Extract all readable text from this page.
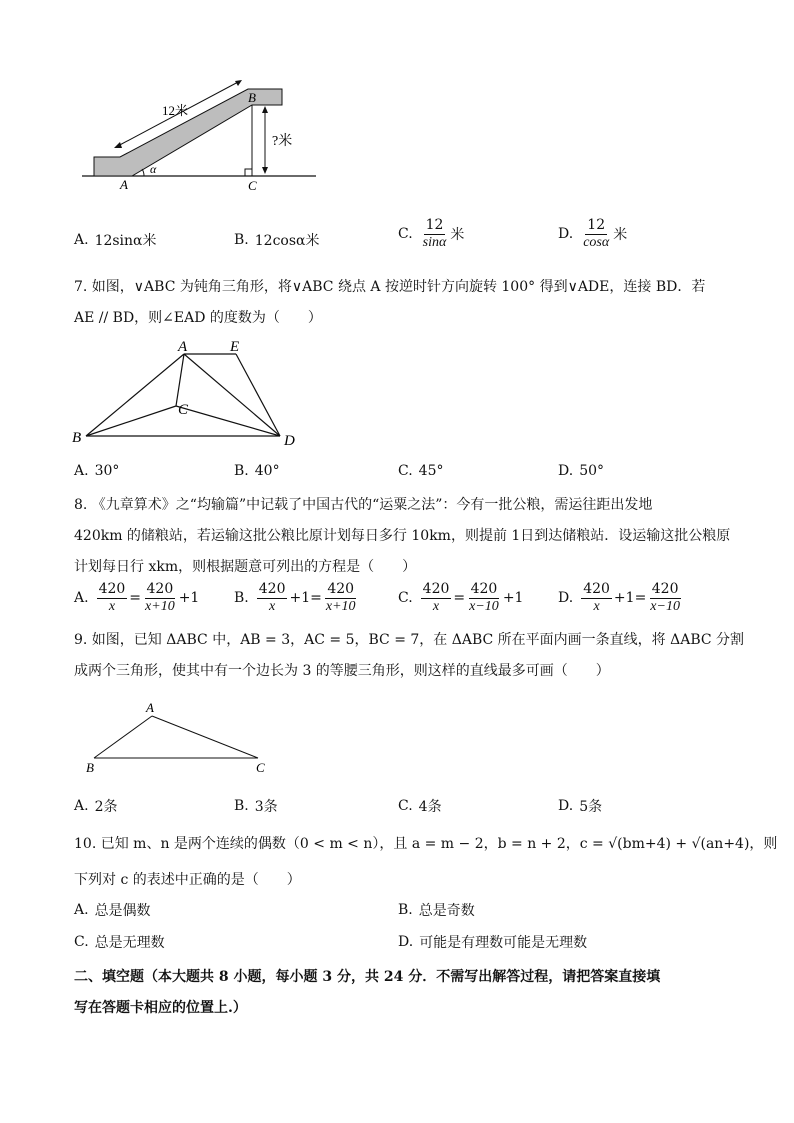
12米
?米
B
A	C
α
A. 12sinα米	B. 12cosα米	C. $\frac{12}{\sin\alpha}$ 米	D. $\frac{12}{\cos\alpha}$ 米
7. 如图，∨ABC 为钝角三角形，将∨ABC 绕点 A 按逆时针方向旋转 100° 得到∨ADE，连接 BD．若
AE // BD，则∠EAD 的度数为（　　）
A	E
C
B	D
A. 30°	B. 40°	C. 45°	D. 50°
8. 《九章算术》之“均输篇”中记载了中国古代的“运粟之法”：今有一批公粮，需运往距出发地
420km 的储粮站，若运输这批公粮比原计划每日多行 10km，则提前 1日到达储粮站．设运输这批公粮原
计划每日行 xkm，则根据题意可列出的方程是（　　）
A. $\frac{420}{x} = \frac{420}{x+10} +1$ B. $\frac{420}{x} +1 = \frac{420}{x+10}$	C. $\frac{420}{x} = \frac{420}{x-10} +1$ D. $\frac{420}{x} +1 = \frac{420}{x-10}$
9. 如图，已知 ΔABC 中，AB = 3，AC = 5，BC = 7，在 ΔABC 所在平面内画一条直线，将 ΔABC 分割
成两个三角形，使其中有一个边长为 3 的等腰三角形，则这样的直线最多可画（　　）
A
B	C
A. 2条	B. 3条	C. 4条	D. 5条
10. 已知 m、n 是两个连续的偶数（0 < m < n），且 a = m − 2，b = n + 2，c = √(bm+4) + √(an+4)，则
下列对 c 的表述中正确的是（　　）
A. 总是偶数	B. 总是奇数
C. 总是无理数	D. 可能是有理数可能是无理数
二、填空题（本大题共 8 小题，每小题 3 分，共 24 分．不需写出解答过程，请把答案直接填
写在答题卡相应的位置上.）
